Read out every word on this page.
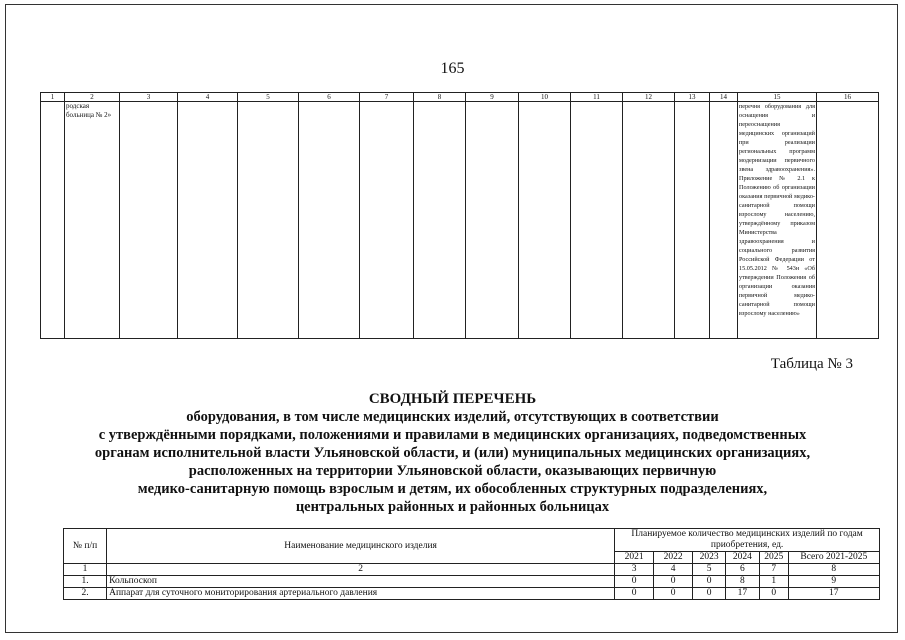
165
1	2	3	4	5	6	7	8	9	10	11	12	13	14	15	16
	родская больница № 2»													перечня оборудования для оснащения и переоснащения медицинских организаций при реализации региональных программ модернизации первичного звена здравоохранения». Приложение № 2.1 к Положению об организации оказания первичной медико-санитарной помощи взрослому населению, утверждённому приказом Министерства здравоохранения и социального развития Российской Федерации от 15.05.2012 № 543н «Об утверждении Положения об организации оказания первичной медико-санитарной помощи взрослому населению»	
Таблица № 3
СВОДНЫЙ ПЕРЕЧЕНЬ
оборудования, в том числе медицинских изделий, отсутствующих в соответствии
с утверждёнными порядками, положениями и правилами в медицинских организациях, подведомственных
органам исполнительной власти Ульяновской области, и (или) муниципальных медицинских организациях,
расположенных на территории Ульяновской области, оказывающих первичную
медико-санитарную помощь взрослым и детям, их обособленных структурных подразделениях,
центральных районных и районных больницах
№ п/п	Наименование медицинского изделия	Планируемое количество медицинских изделий по годам приобретения, ед.					
		2021	2022	2023	2024	2025	Всего 2021-2025
1	2	3	4	5	6	7	8
1.	Кольпоскоп	0	0	0	8	1	9
2.	Аппарат для суточного мониторирования артериального давления	0	0	0	17	0	17
